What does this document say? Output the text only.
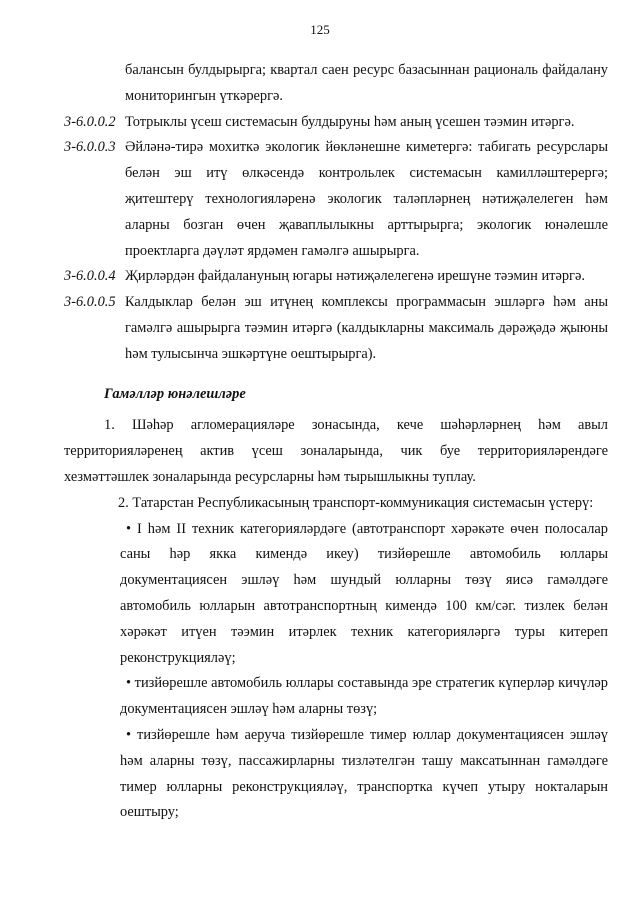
125
балансын булдырырга; квартал саен ресурс базасыннан рациональ файдалану мониторингын үткәрергә.
3-6.0.0.2 Тотрыклы үсеш системасын булдыруны һәм аның үсешен тәэмин итәргә.
3-6.0.0.3 Әйләнә-тирә мохиткә экологик йөкләнешне киметергә: табигать ресурслары белән эш итү өлкәсендә контрольлек системасын камилләштерергә; җитештерү технологияләренә экологик таләпләрнең нәтиҗәлелеген һәм аларны бозган өчен җаваплылыкны арттырырга; экологик юнәлешле проектларга дәүләт ярдәмен гамәлгә ашырырга.
3-6.0.0.4 Җирләрдән файдалануның югары нәтиҗәлелегенә ирешүне тәэмин итәргә.
3-6.0.0.5 Калдыклар белән эш итүнең комплексы программасын эшләргә һәм аны гамәлгә ашырырга тәэмин итәргә (калдыкларны максималь дәрәҗәдә җыюны һәм тулысынча эшкәртүне оештырырга).
Гамәлләр юнәлешләре
1. Шәһәр агломерацияләре зонасында, кече шәһәрләрнең һәм авыл территорияләренең актив үсеш зоналарында, чик буе территорияләрендәге хезмәттәшлек зоналарында ресурсларны һәм тырышлыкны туплау.
2. Татарстан Республикасының транспорт-коммуникация системасын үстерү:
• I һәм II техник категорияләрдәге (автотранспорт хәрәкәте өчен полосалар саны һәр якка кимендә икеу) тизйөрешле автомобиль юллары документациясен эшләү һәм шундый юлларны төзү яисә гамәлдәге автомобиль юлларын автотранспортның кимендә 100 км/сәг. тизлек белән хәрәкәт итүен тәэмин итәрлек техник категорияләргә туры китереп реконструкцияләү;
• тизйөрешле автомобиль юллары составында эре стратегик күперләр кичүләр документациясен эшләү һәм аларны төзү;
• тизйөрешле һәм аеруча тизйөрешле тимер юллар документациясен эшләү һәм аларны төзү, пассажирларны тизләтелгән ташу максатыннан гамәлдәге тимер юлларны реконструкцияләү, транспортка күчеп утыру нокталарын оештыру;
